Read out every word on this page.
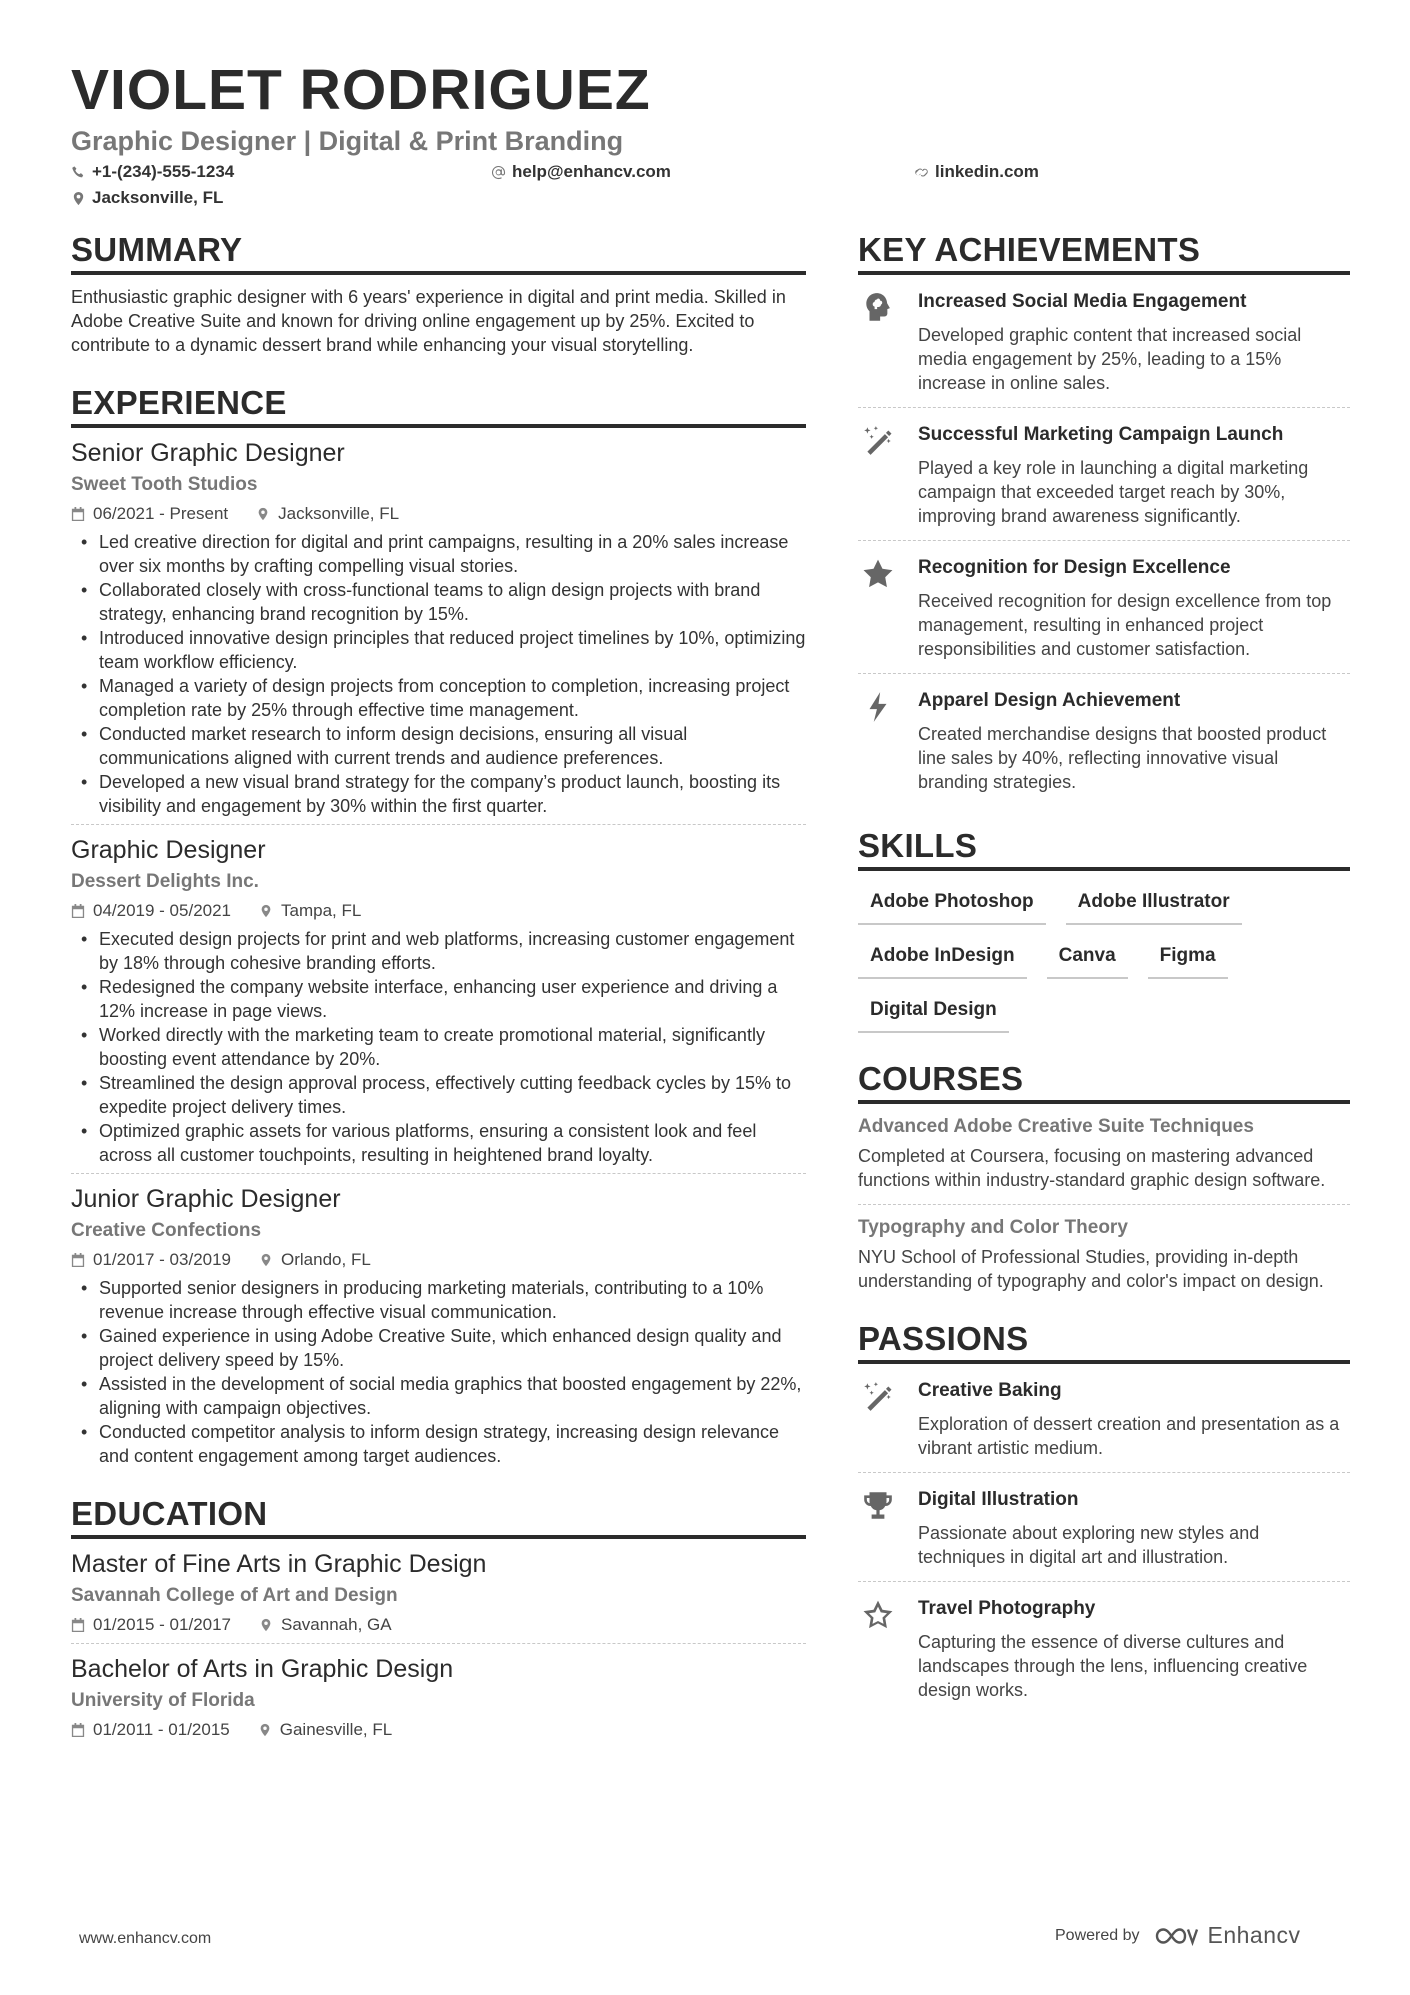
VIOLET RODRIGUEZ
Graphic Designer | Digital & Print Branding
+1-(234)-555-1234	help@enhancv.com	linkedin.com
Jacksonville, FL
SUMMARY
Enthusiastic graphic designer with 6 years' experience in digital and print media. Skilled in Adobe Creative Suite and known for driving online engagement up by 25%. Excited to contribute to a dynamic dessert brand while enhancing your visual storytelling.
EXPERIENCE
Senior Graphic Designer
Sweet Tooth Studios
06/2021 - Present	Jacksonville, FL
• Led creative direction for digital and print campaigns, resulting in a 20% sales increase over six months by crafting compelling visual stories.
• Collaborated closely with cross-functional teams to align design projects with brand strategy, enhancing brand recognition by 15%.
• Introduced innovative design principles that reduced project timelines by 10%, optimizing team workflow efficiency.
• Managed a variety of design projects from conception to completion, increasing project completion rate by 25% through effective time management.
• Conducted market research to inform design decisions, ensuring all visual communications aligned with current trends and audience preferences.
• Developed a new visual brand strategy for the company’s product launch, boosting its visibility and engagement by 30% within the first quarter.
Graphic Designer
Dessert Delights Inc.
04/2019 - 05/2021	Tampa, FL
• Executed design projects for print and web platforms, increasing customer engagement by 18% through cohesive branding efforts.
• Redesigned the company website interface, enhancing user experience and driving a 12% increase in page views.
• Worked directly with the marketing team to create promotional material, significantly boosting event attendance by 20%.
• Streamlined the design approval process, effectively cutting feedback cycles by 15% to expedite project delivery times.
• Optimized graphic assets for various platforms, ensuring a consistent look and feel across all customer touchpoints, resulting in heightened brand loyalty.
Junior Graphic Designer
Creative Confections
01/2017 - 03/2019	Orlando, FL
• Supported senior designers in producing marketing materials, contributing to a 10% revenue increase through effective visual communication.
• Gained experience in using Adobe Creative Suite, which enhanced design quality and project delivery speed by 15%.
• Assisted in the development of social media graphics that boosted engagement by 22%, aligning with campaign objectives.
• Conducted competitor analysis to inform design strategy, increasing design relevance and content engagement among target audiences.
EDUCATION
Master of Fine Arts in Graphic Design
Savannah College of Art and Design
01/2015 - 01/2017	Savannah, GA
Bachelor of Arts in Graphic Design
University of Florida
01/2011 - 01/2015	Gainesville, FL
KEY ACHIEVEMENTS
Increased Social Media Engagement
Developed graphic content that increased social media engagement by 25%, leading to a 15% increase in online sales.
Successful Marketing Campaign Launch
Played a key role in launching a digital marketing campaign that exceeded target reach by 30%, improving brand awareness significantly.
Recognition for Design Excellence
Received recognition for design excellence from top management, resulting in enhanced project responsibilities and customer satisfaction.
Apparel Design Achievement
Created merchandise designs that boosted product line sales by 40%, reflecting innovative visual branding strategies.
SKILLS
Adobe Photoshop	Adobe Illustrator
Adobe InDesign	Canva	Figma
Digital Design
COURSES
Advanced Adobe Creative Suite Techniques
Completed at Coursera, focusing on mastering advanced functions within industry-standard graphic design software.
Typography and Color Theory
NYU School of Professional Studies, providing in-depth understanding of typography and color's impact on design.
PASSIONS
Creative Baking
Exploration of dessert creation and presentation as a vibrant artistic medium.
Digital Illustration
Passionate about exploring new styles and techniques in digital art and illustration.
Travel Photography
Capturing the essence of diverse cultures and landscapes through the lens, influencing creative design works.
www.enhancv.com	Powered by	Enhancv
